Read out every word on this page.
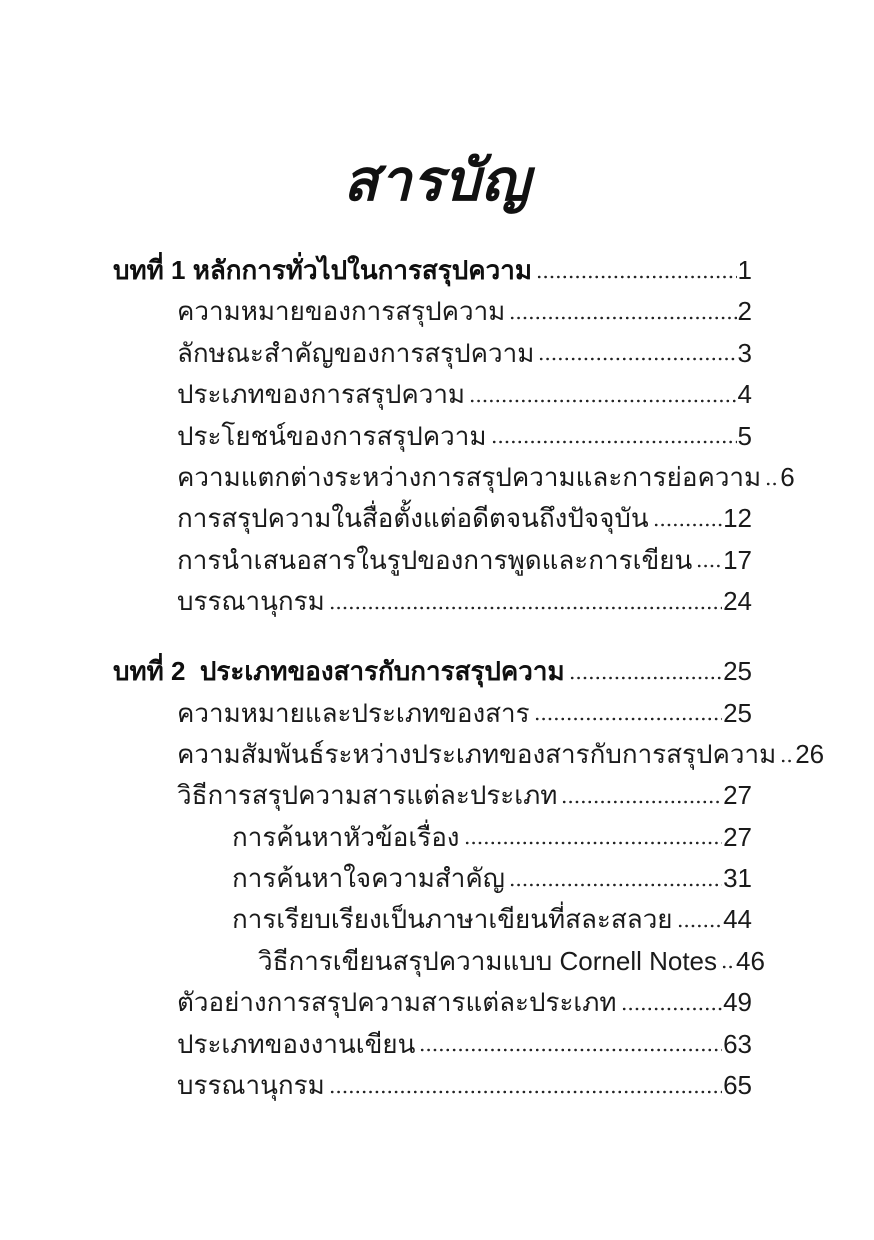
สารบัญ
บทที่ 1 หลักการทั่วไปในการสรุปความ	1
ความหมายของการสรุปความ	2
ลักษณะสำคัญของการสรุปความ	3
ประเภทของการสรุปความ	4
ประโยชน์ของการสรุปความ	5
ความแตกต่างระหว่างการสรุปความและการย่อความ 6
การสรุปความในสื่อตั้งแต่อดีตจนถึงปัจจุบัน	12
การนำเสนอสารในรูปของการพูดและการเขียน 17
บรรณานุกรม	24
บทที่ 2  ประเภทของสารกับการสรุปความ	25
ความหมายและประเภทของสาร	25
ความสัมพันธ์ระหว่างประเภทของสารกับการสรุปความ 26
วิธีการสรุปความสารแต่ละประเภท	27
การค้นหาหัวข้อเรื่อง	27
การค้นหาใจความสำคัญ	31
การเรียบเรียงเป็นภาษาเขียนที่สละสลวย 44
วิธีการเขียนสรุปความแบบ Cornell Notes 46
ตัวอย่างการสรุปความสารแต่ละประเภท	49
ประเภทของงานเขียน	63
บรรณานุกรม	65
